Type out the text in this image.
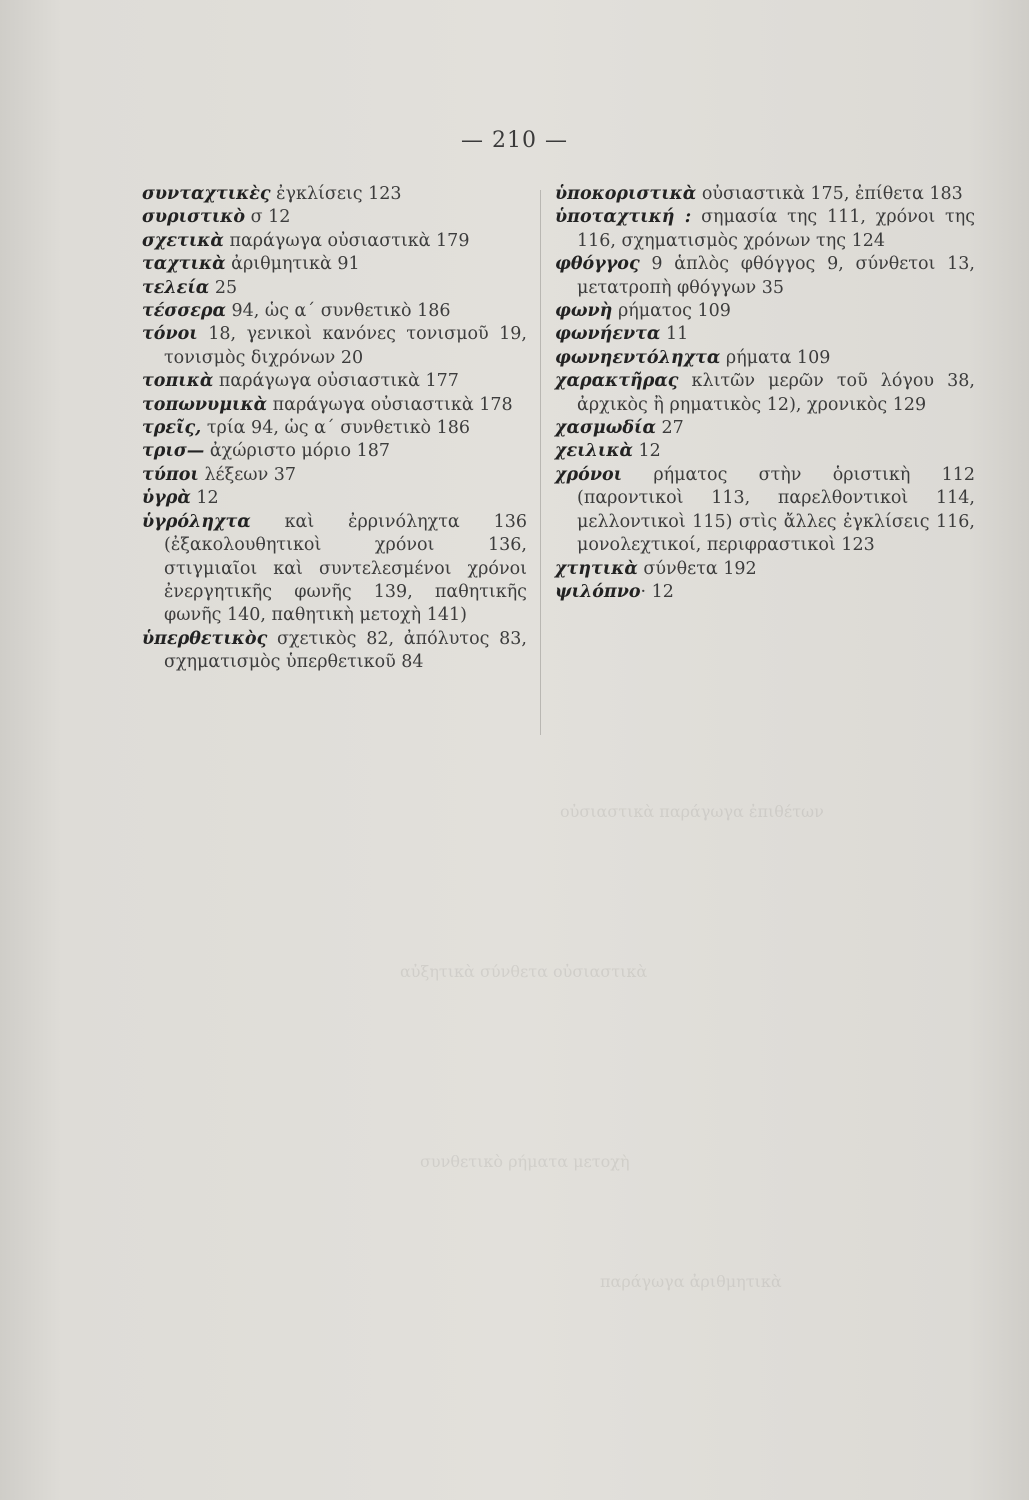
οὐσιαστικὰ παράγωγα ἐπιθέτων
αὐξητικὰ σύνθετα οὐσιαστικὰ
συνθετικὸ ρήματα μετοχὴ
παράγωγα ἀριθμητικὰ
— 210 —

συνταχτικὲς ἐγκλίσεις 123

συριστικὸ σ 12

σχετικὰ παράγωγα οὐσιαστικὰ 179

ταχτικὰ ἀριθμητικὰ 91

τελεία 25

τέσσερα 94, ὡς α΄ συνθετικὸ 186

τόνοι 18, γενικοὶ κανόνες τονισμοῦ 19, τονισμὸς διχρόνων 20

τοπικὰ παράγωγα οὐσιαστικὰ 177

τοπωνυμικὰ παράγωγα οὐσιαστικὰ 178

τρεῖς, τρία 94, ὡς α΄ συνθετικὸ 186

τρισ— ἀχώριστο μόριο 187

τύποι λέξεων 37

ὑγρὰ 12

ὑγρόληχτα καὶ ἐρρινόληχτα 136 (ἐξακολουθητικοὶ χρόνοι 136, στιγμιαῖοι καὶ συντελεσμένοι χρόνοι ἐνεργητικῆς φωνῆς 139, παθητικῆς φωνῆς 140, παθητικὴ μετοχὴ 141)

ὑπερθετικὸς σχετικὸς 82, ἀπόλυτος 83, σχηματισμὸς ὑπερθετικοῦ 84

ὑποκοριστικὰ οὐσιαστικὰ 175, ἐπίθετα 183

ὑποταχτική : σημασία της 111, χρόνοι της 116, σχηματισμὸς χρόνων της 124

φθόγγος 9 ἁπλὸς φθόγγος 9, σύνθετοι 13, μετατροπὴ φθόγγων 35

φωνὴ ρήματος 109

φωνήεντα 11

φωνηεντόληχτα ρήματα 109

χαρακτῆρας κλιτῶν μερῶν τοῦ λόγου 38, ἀρχικὸς ἢ ρηματικὸς 12), χρονικὸς 129

χασμωδία 27

χειλικὰ 12

χρόνοι ρήματος στὴν ὁριστικὴ 112 (παροντικοὶ 113, παρελθοντικοὶ 114, μελλοντικοὶ 115) στὶς ἄλλες ἐγκλίσεις 116, μονολεχτικοί, περιφραστικοὶ 123

χτητικὰ σύνθετα 192

ψιλόπνο· 12
